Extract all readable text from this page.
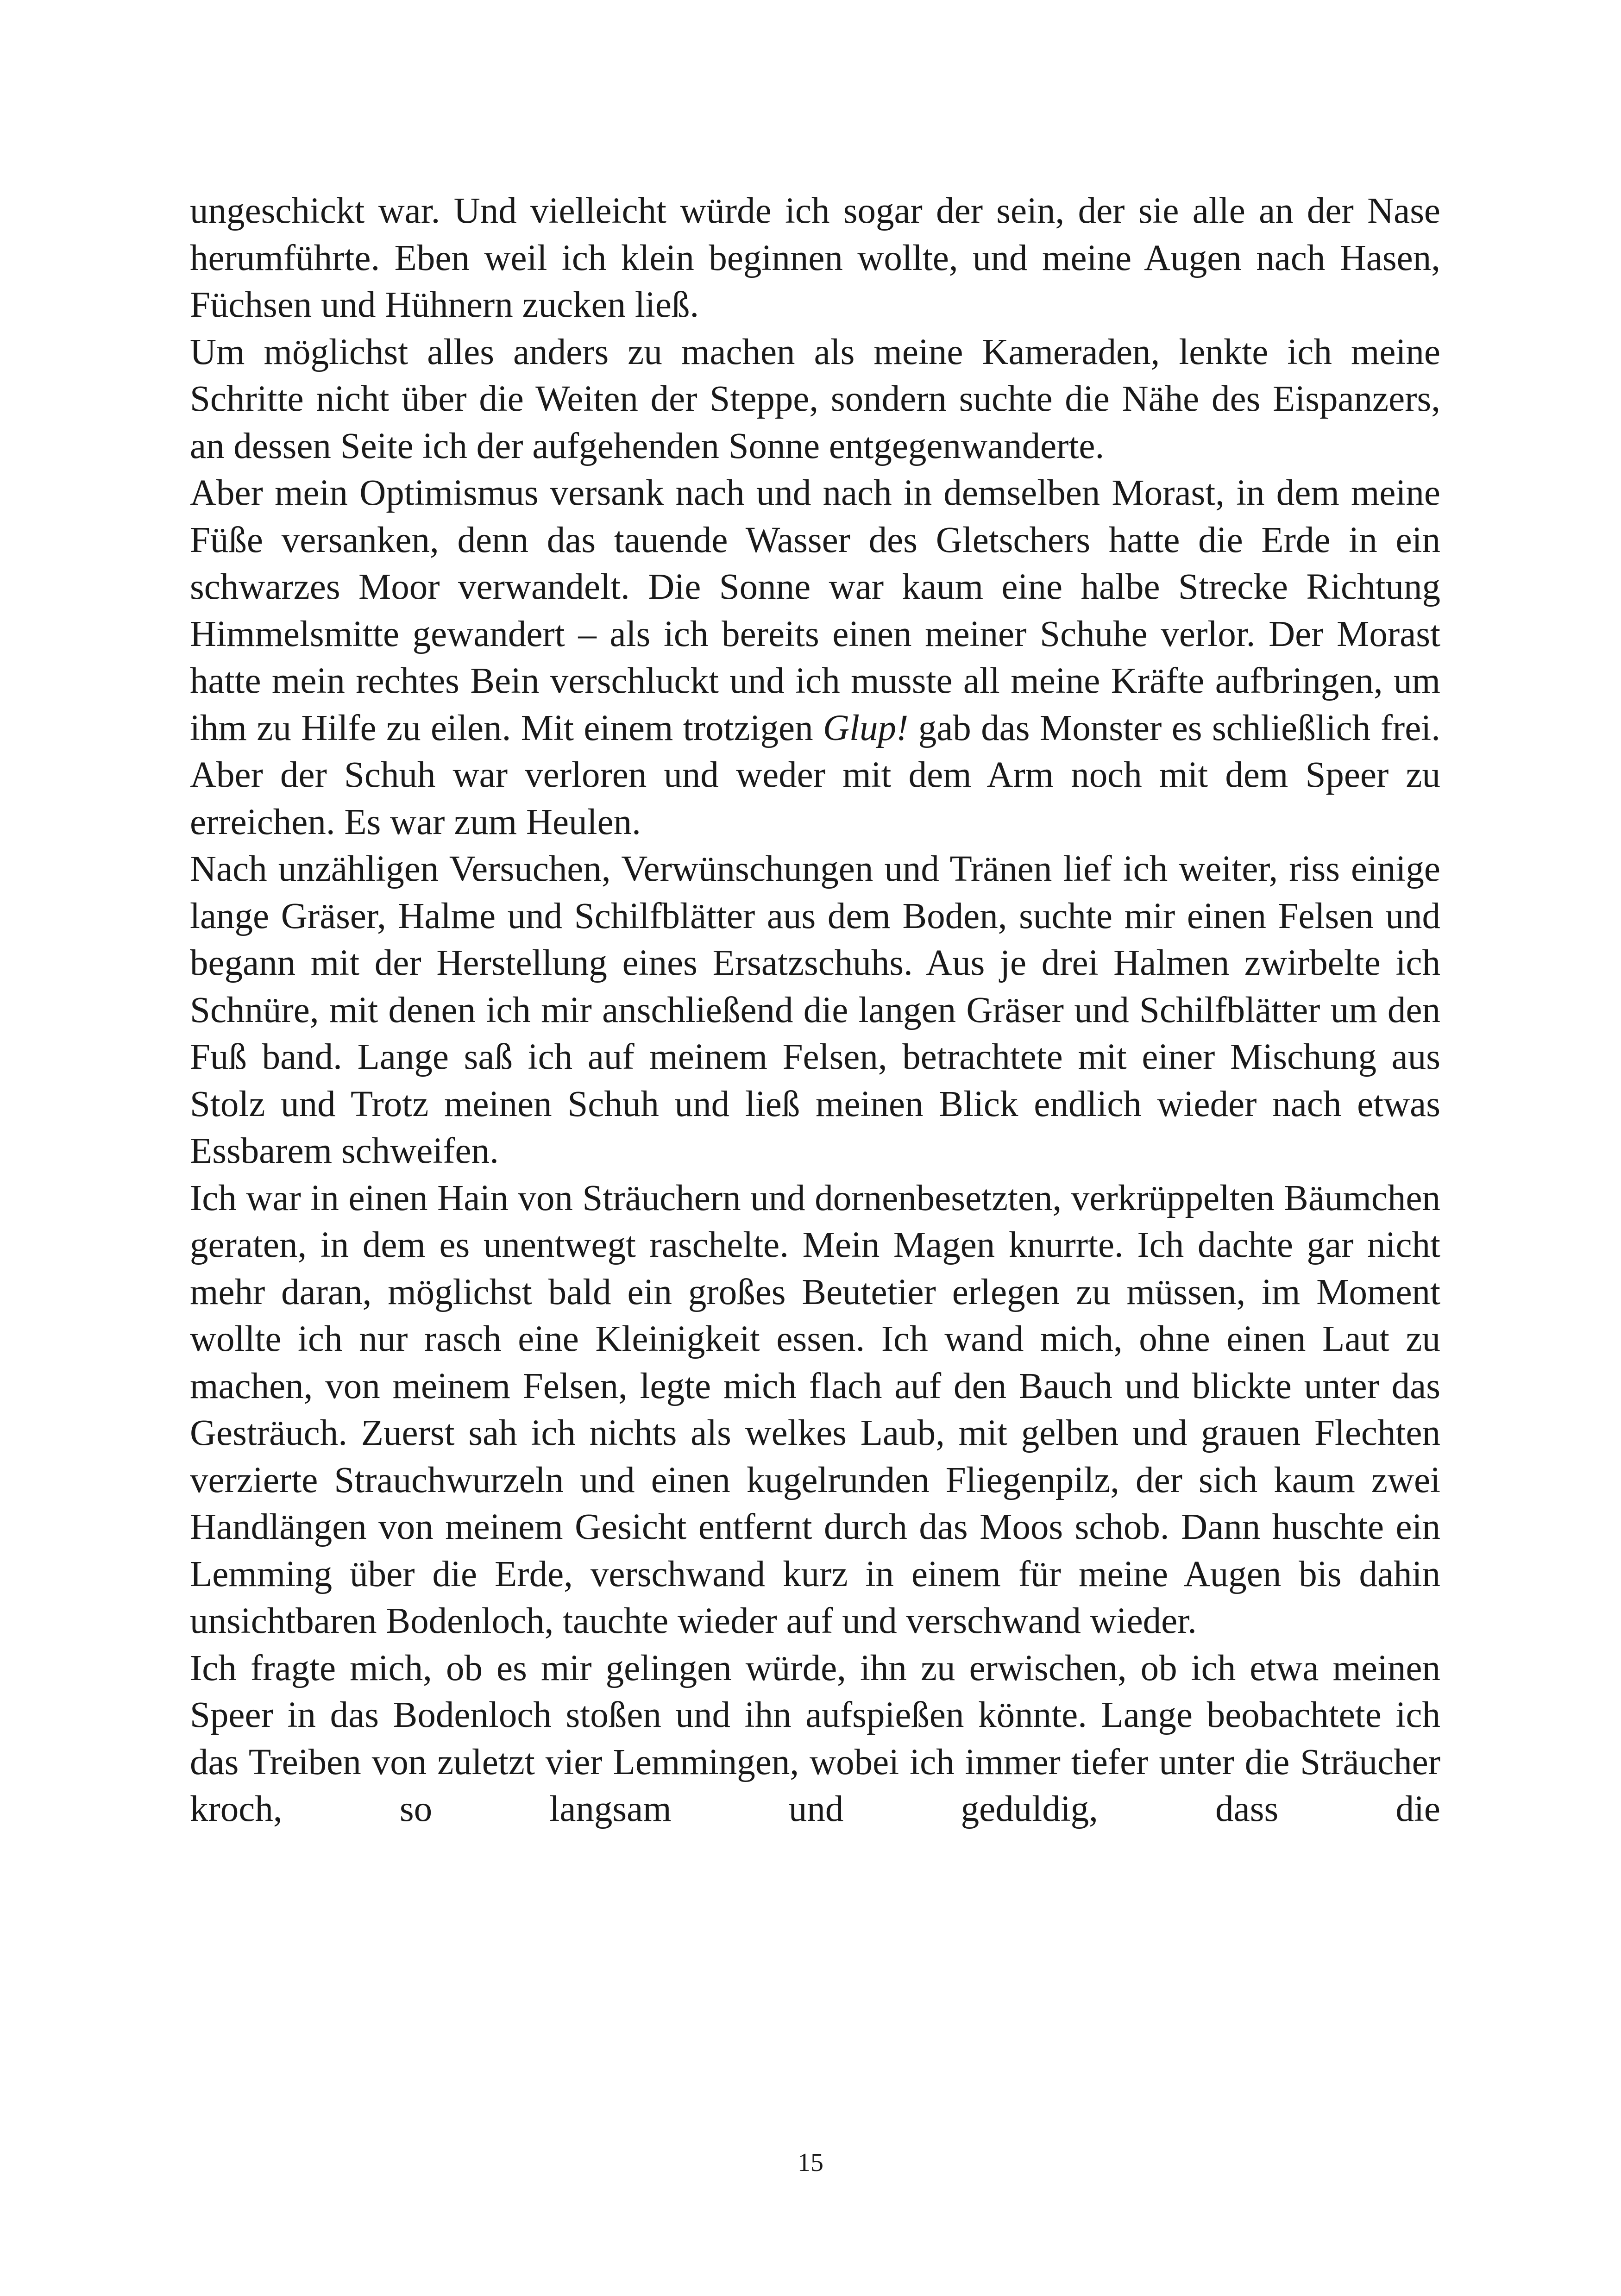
ungeschickt war. Und vielleicht würde ich sogar der sein, der sie alle an der Nase herumführte. Eben weil ich klein beginnen wollte, und meine Augen nach Hasen, Füchsen und Hühnern zucken ließ.

Um möglichst alles anders zu machen als meine Kameraden, lenkte ich meine Schritte nicht über die Weiten der Steppe, sondern suchte die Nähe des Eispanzers, an dessen Seite ich der aufgehenden Sonne entgegenwanderte.

Aber mein Optimismus versank nach und nach in demselben Morast, in dem meine Füße versanken, denn das tauende Wasser des Gletschers hatte die Erde in ein schwarzes Moor verwandelt. Die Sonne war kaum eine halbe Strecke Richtung Himmelsmitte gewandert – als ich bereits einen meiner Schuhe verlor. Der Morast hatte mein rechtes Bein verschluckt und ich musste all meine Kräfte aufbringen, um ihm zu Hilfe zu eilen. Mit einem trotzigen Glup! gab das Monster es schließlich frei. Aber der Schuh war verloren und weder mit dem Arm noch mit dem Speer zu erreichen. Es war zum Heulen.

Nach unzähligen Versuchen, Verwünschungen und Tränen lief ich weiter, riss einige lange Gräser, Halme und Schilfblätter aus dem Boden, suchte mir einen Felsen und begann mit der Herstellung eines Ersatzschuhs. Aus je drei Halmen zwirbelte ich Schnüre, mit denen ich mir anschließend die langen Gräser und Schilfblätter um den Fuß band. Lange saß ich auf meinem Felsen, betrachtete mit einer Mischung aus Stolz und Trotz meinen Schuh und ließ meinen Blick endlich wieder nach etwas Essbarem schweifen.

Ich war in einen Hain von Sträuchern und dornenbesetzten, verkrüppelten Bäumchen geraten, in dem es unentwegt raschelte. Mein Magen knurrte. Ich dachte gar nicht mehr daran, möglichst bald ein großes Beutetier erlegen zu müssen, im Moment wollte ich nur rasch eine Kleinigkeit essen. Ich wand mich, ohne einen Laut zu machen, von meinem Felsen, legte mich flach auf den Bauch und blickte unter das Gesträuch. Zuerst sah ich nichts als welkes Laub, mit gelben und grauen Flechten verzierte Strauchwurzeln und einen kugelrunden Fliegenpilz, der sich kaum zwei Handlängen von meinem Gesicht entfernt durch das Moos schob. Dann huschte ein Lemming über die Erde, verschwand kurz in einem für meine Augen bis dahin unsichtbaren Bodenloch, tauchte wieder auf und verschwand wieder.

Ich fragte mich, ob es mir gelingen würde, ihn zu erwischen, ob ich etwa meinen Speer in das Bodenloch stoßen und ihn aufspießen könnte. Lange beobachtete ich das Treiben von zuletzt vier Lemmingen, wobei ich immer tiefer unter die Sträucher kroch, so langsam und geduldig, dass die

15
